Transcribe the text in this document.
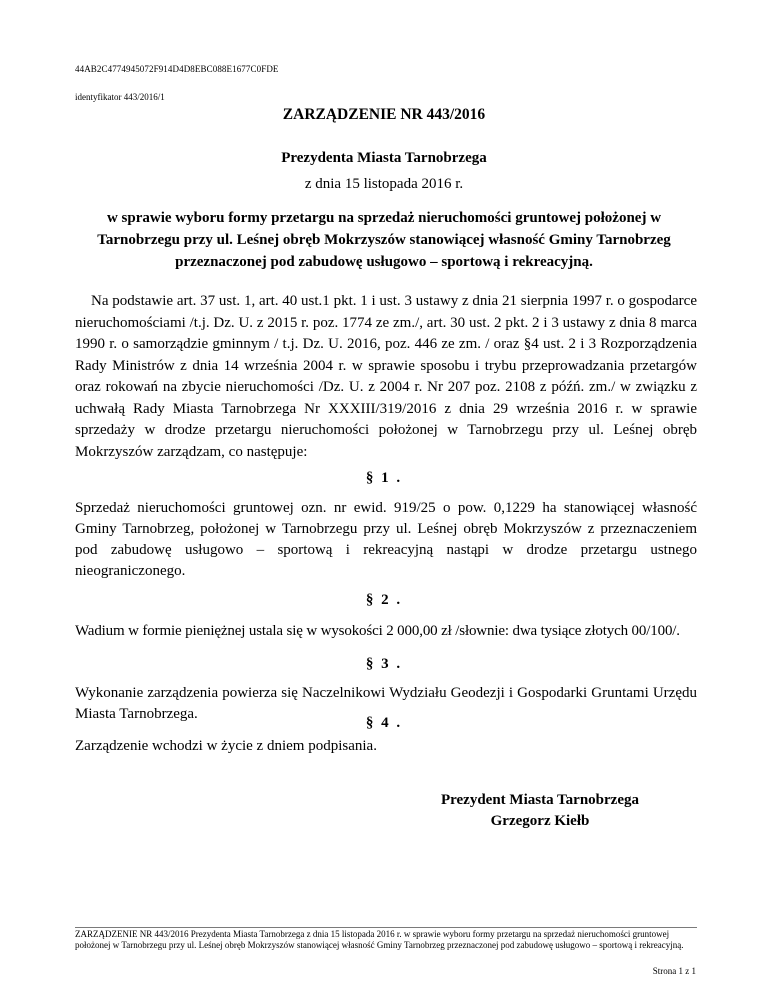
44AB2C4774945072F914D4D8EBC088E1677C0FDE
identyfikator 443/2016/1
ZARZĄDZENIE NR 443/2016
Prezydenta Miasta Tarnobrzega
z dnia 15 listopada 2016 r.
w sprawie wyboru formy przetargu na sprzedaż nieruchomości gruntowej położonej w Tarnobrzegu przy ul. Leśnej obręb Mokrzyszów stanowiącej własność Gminy Tarnobrzeg przeznaczonej pod zabudowę usługowo – sportową i rekreacyjną.

Na podstawie art. 37 ust. 1, art. 40 ust.1 pkt. 1 i ust. 3 ustawy z dnia 21 sierpnia 1997 r. o gospodarce nieruchomościami /t.j. Dz. U. z 2015 r. poz. 1774 ze zm./, art. 30 ust. 2 pkt. 2 i 3 ustawy z dnia 8 marca 1990 r. o samorządzie gminnym / t.j. Dz. U. 2016, poz. 446 ze zm. / oraz §4 ust. 2 i 3 Rozporządzenia Rady Ministrów z dnia 14 września 2004 r. w sprawie sposobu i trybu przeprowadzania przetargów oraz rokowań na zbycie nieruchomości /Dz. U. z 2004 r. Nr 207 poz. 2108 z późń. zm./ w związku z uchwałą Rady Miasta Tarnobrzega Nr XXXIII/319/2016 z dnia 29 września 2016 r. w sprawie sprzedaży w drodze przetargu nieruchomości położonej w Tarnobrzegu przy ul. Leśnej obręb Mokrzyszów zarządzam, co następuje:

§ 1 .

Sprzedaż nieruchomości gruntowej ozn. nr ewid. 919/25 o pow. 0,1229 ha stanowiącej własność Gminy Tarnobrzeg, położonej w Tarnobrzegu przy ul. Leśnej obręb Mokrzyszów z przeznaczeniem pod zabudowę usługowo – sportową i rekreacyjną nastąpi w drodze przetargu ustnego nieograniczonego.

§ 2 .

Wadium w formie pieniężnej ustala się w wysokości 2 000,00 zł /słownie: dwa tysiące złotych 00/100/.

§ 3 .

Wykonanie zarządzenia powierza się Naczelnikowi Wydziału Geodezji i Gospodarki Gruntami Urzędu Miasta Tarnobrzega.

§ 4 .

Zarządzenie wchodzi w życie z dniem podpisania.

Prezydent Miasta Tarnobrzega
Grzegorz Kiełb

ZARZĄDZENIE NR 443/2016 Prezydenta Miasta Tarnobrzega z dnia 15 listopada 2016 r. w sprawie wyboru formy przetargu na sprzedaż nieruchomości gruntowej położonej w Tarnobrzegu przy ul. Leśnej obręb Mokrzyszów stanowiącej własność Gminy Tarnobrzeg przeznaczonej pod zabudowę usługowo – sportową i rekreacyjną.

Strona 1 z 1
